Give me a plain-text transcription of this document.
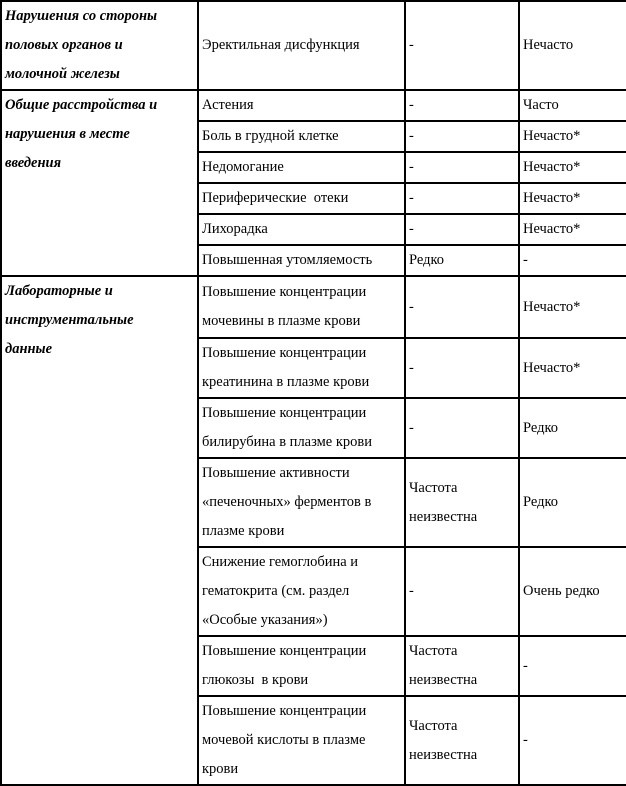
Нарушения со стороны
половых органов и
молочной железы	Эректильная дисфункция	-	Нечасто

Общие расстройства и
нарушения в месте
введения	Астения	-	Часто

	Боль в грудной клетке	-	Нечасто*

	Недомогание	-	Нечасто*

	Периферические  отеки	-	Нечасто*

	Лихорадка	-	Нечасто*

	Повышенная утомляемость	Редко	-

Лабораторные и
инструментальные
данные	Повышение концентрации
мочевины в плазме крови	-	Нечасто*

	Повышение концентрации
креатинина в плазме крови	-	Нечасто*

	Повышение концентрации
билирубина в плазме крови	-	Редко

	Повышение активности
«печеночных» ферментов в
плазме крови	Частота
неизвестна	Редко

	Снижение гемоглобина и
гематокрита (см. раздел
«Особые указания»)	-	Очень редко

	Повышение концентрации
глюкозы  в крови	Частота
неизвестна	-

	Повышение концентрации
мочевой кислоты в плазме
крови	Частота
неизвестна	-
